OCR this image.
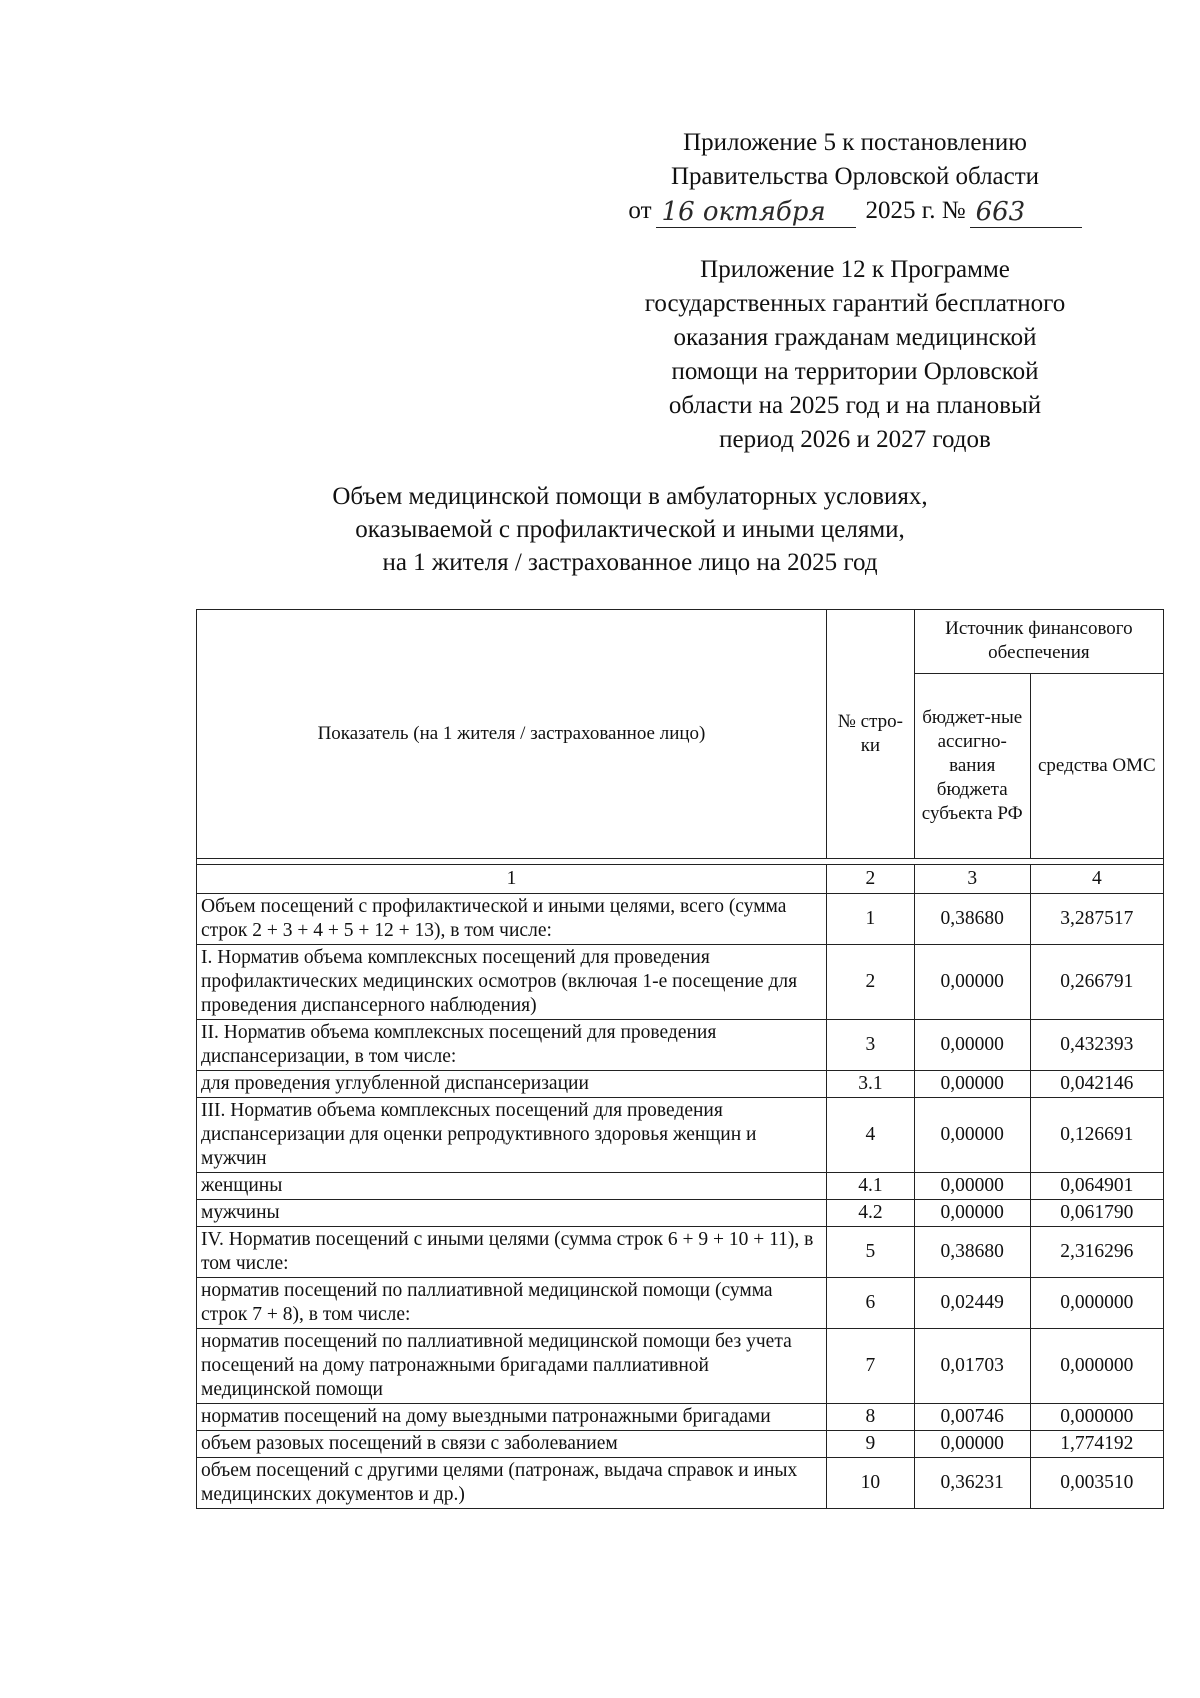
Приложение 5 к постановлению
Правительства Орловской области
от 16 октября	2025 г. № 663
Приложение 12 к Программе
государственных гарантий бесплатного
оказания гражданам медицинской
помощи на территории Орловской
области на 2025 год и на плановый
период 2026 и 2027 годов
Объем медицинской помощи в амбулаторных условиях,
оказываемой с профилактической и иными целями,
на 1 жителя / застрахованное лицо на 2025 год
Показатель (на 1 жителя / застрахованное лицо)	№ стро-ки	Источник финансового обеспечения	
		бюджет-ные ассигно-вания бюджета субъекта РФ	средства ОМС

1	2	3	4
Объем посещений с профилактической и иными целями, всего (сумма строк 2 + 3 + 4 + 5 + 12 + 13), в том числе:	1	0,38680	3,287517
I. Норматив объема комплексных посещений для проведения профилактических медицинских осмотров (включая 1-е посещение для проведения диспансерного наблюдения)	2	0,00000	0,266791
II. Норматив объема комплексных посещений для проведения диспансеризации, в том числе:	3	0,00000	0,432393
для проведения углубленной диспансеризации	3.1	0,00000	0,042146
III. Норматив объема комплексных посещений для проведения диспансеризации для оценки репродуктивного здоровья женщин и мужчин	4	0,00000	0,126691
женщины	4.1	0,00000	0,064901
мужчины	4.2	0,00000	0,061790
IV. Норматив посещений с иными целями (сумма строк 6 + 9 + 10 + 11), в том числе:	5	0,38680	2,316296
норматив посещений по паллиативной медицинской помощи (сумма строк 7 + 8), в том числе:	6	0,02449	0,000000
норматив посещений по паллиативной медицинской помощи без учета посещений на дому патронажными бригадами паллиативной медицинской помощи	7	0,01703	0,000000
норматив посещений на дому выездными патронажными бригадами	8	0,00746	0,000000
объем разовых посещений в связи с заболеванием	9	0,00000	1,774192
объем посещений с другими целями (патронаж, выдача справок и иных медицинских документов и др.)	10	0,36231	0,003510
